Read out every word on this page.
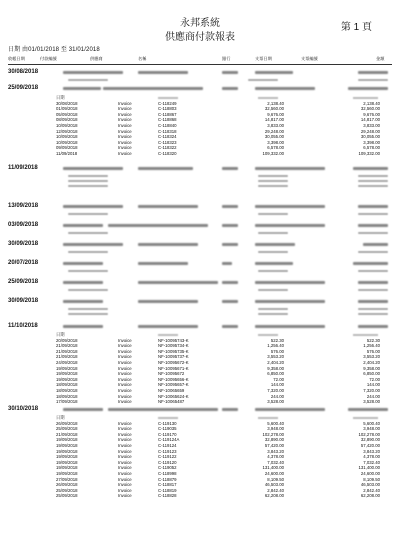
永邦系統
供應商付款報表
第 1 頁
日期 由01/01/2018 至 31/01/2018
收帳日期	付款編號	供應商	名稱	銀行	支票日期	支票編號	金額
30/08/2018
25/09/2018
日期
30/08/2018	Invoice	C-118249	2,138.40	2,138.40
01/09/2018	Invoice	C-118803	32,560.00	32,560.00
05/09/2018	Invoice	C-118867	9,676.00	9,676.00
08/09/2018	Invoice	C-118868	14,817.00	14,817.00
10/09/2018	Invoice	C-118840	3,833.00	3,833.00
12/09/2018	Invoice	C-118318	29,248.00	29,248.00
10/09/2018	Invoice	C-118324	30,055.00	30,055.00
10/09/2018	Invoice	C-118323	3,398.00	3,398.00
09/09/2018	Invoice	C-118322	6,578.00	6,578.00
11/09/2018	Invoice	C-118320	109,332.00	109,332.00
11/09/2018
13/09/2018
03/09/2018
30/09/2018
20/07/2018
25/09/2018
30/09/2018
11/10/2018
日期
20/09/2018	Invoice	NF-10095743-K	522.30	522.30
21/09/2018	Invoice	NF-10095734-K	1,256.40	1,256.40
21/09/2018	Invoice	NF-10095735-K	576.00	576.00
21/09/2018	Invoice	NF-10095737-K	3,553.20	3,553.20
24/09/2018	Invoice	NF-10095672-K	2,404.20	2,404.20
19/09/2018	Invoice	NF-10095671-K	9,358.00	9,358.00
19/09/2018	Invoice	NF-10095672	6,850.00	6,850.00
19/09/2018	Invoice	NF-10095656-K	72.00	72.00
18/09/2018	Invoice	NF-10095657-K	144.00	144.00
18/09/2018	Invoice	NF-10065659	7,320.00	7,320.00
18/09/2018	Invoice	NF-10065624-K	244.00	244.00
17/09/2018	Invoice	NF-10065487	3,528.00	3,528.00
30/10/2018
日期
26/09/2018	Invoice	C-119130	5,600.40	5,600.40
25/09/2018	Invoice	C-119035	3,948.00	3,948.00
21/09/2018	Invoice	C-119170	102,278.00	102,278.00
19/09/2018	Invoice	C-119124A	32,890.00	32,890.00
19/09/2018	Invoice	C-119124	57,420.00	57,420.00
19/09/2018	Invoice	C-119123	3,843.20	3,843.20
19/09/2018	Invoice	C-119122	4,378.00	4,378.00
19/09/2018	Invoice	C-119120	7,032.40	7,032.40
19/09/2018	Invoice	C-119052	131,400.00	131,400.00
19/09/2018	Invoice	C-118998	24,600.00	24,600.00
27/09/2018	Invoice	C-118879	8,109.50	8,109.50
26/09/2018	Invoice	C-118817	46,503.00	46,503.00
25/09/2018	Invoice	C-118819	2,842.40	2,842.40
25/09/2018	Invoice	C-118828	62,208.00	62,208.00
